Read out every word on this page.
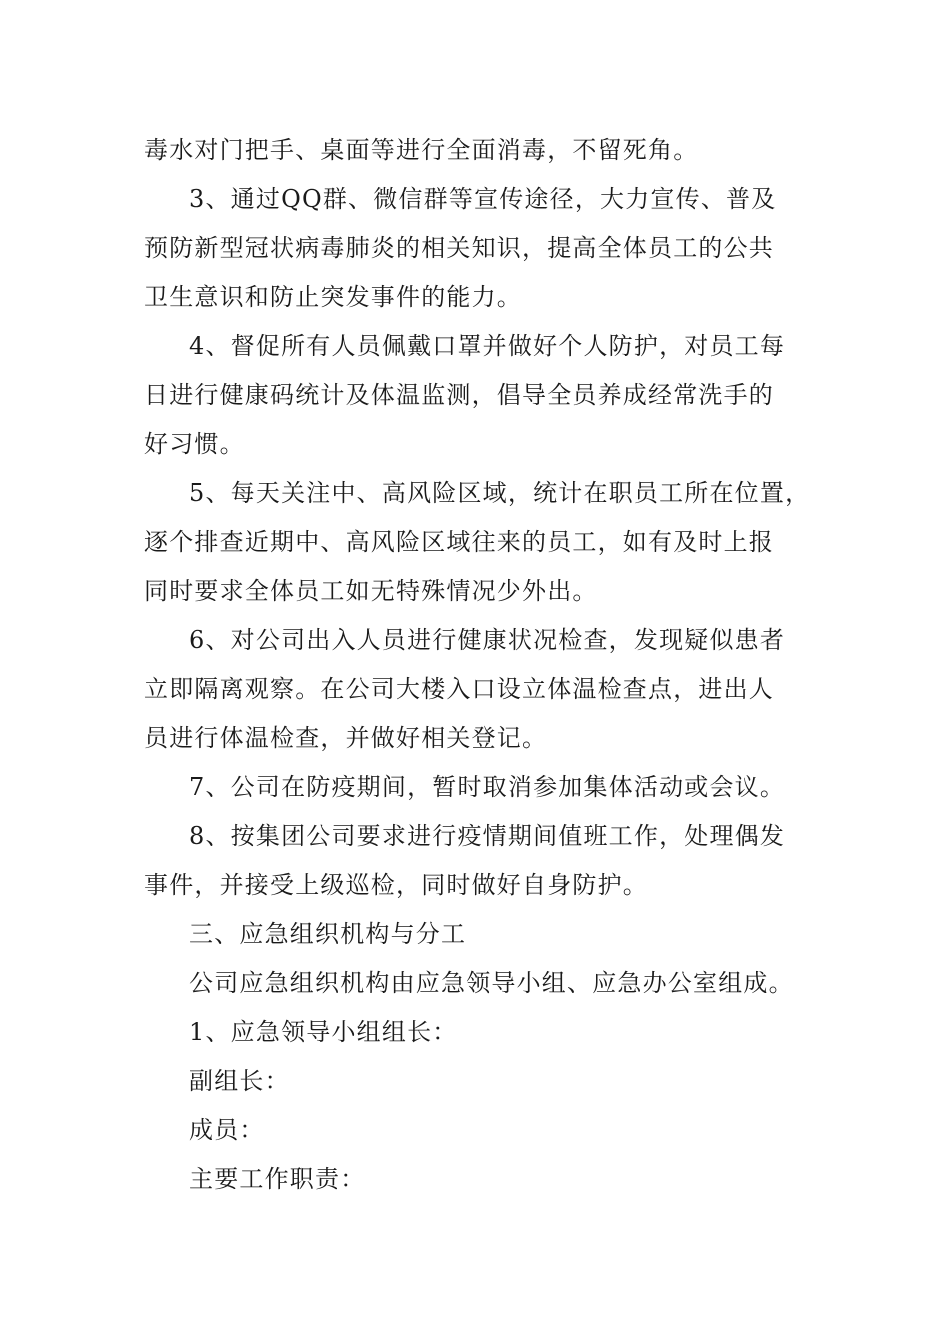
毒水对门把手、桌面等进行全面消毒，不留死角。
3、通过QQ群、微信群等宣传途径，大力宣传、普及
预防新型冠状病毒肺炎的相关知识，提高全体员工的公共
卫生意识和防止突发事件的能力。
4、督促所有人员佩戴口罩并做好个人防护，对员工每
日进行健康码统计及体温监测，倡导全员养成经常洗手的
好习惯。
5、每天关注中、高风险区域，统计在职员工所在位置，
逐个排查近期中、高风险区域往来的员工，如有及时上报
同时要求全体员工如无特殊情况少外出。
6、对公司出入人员进行健康状况检查，发现疑似患者
立即隔离观察。在公司大楼入口设立体温检查点，进出人
员进行体温检查，并做好相关登记。
7、公司在防疫期间，暂时取消参加集体活动或会议。
8、按集团公司要求进行疫情期间值班工作，处理偶发
事件，并接受上级巡检，同时做好自身防护。
三、应急组织机构与分工
公司应急组织机构由应急领导小组、应急办公室组成。
1、应急领导小组组长：
副组长：
成员：
主要工作职责：
